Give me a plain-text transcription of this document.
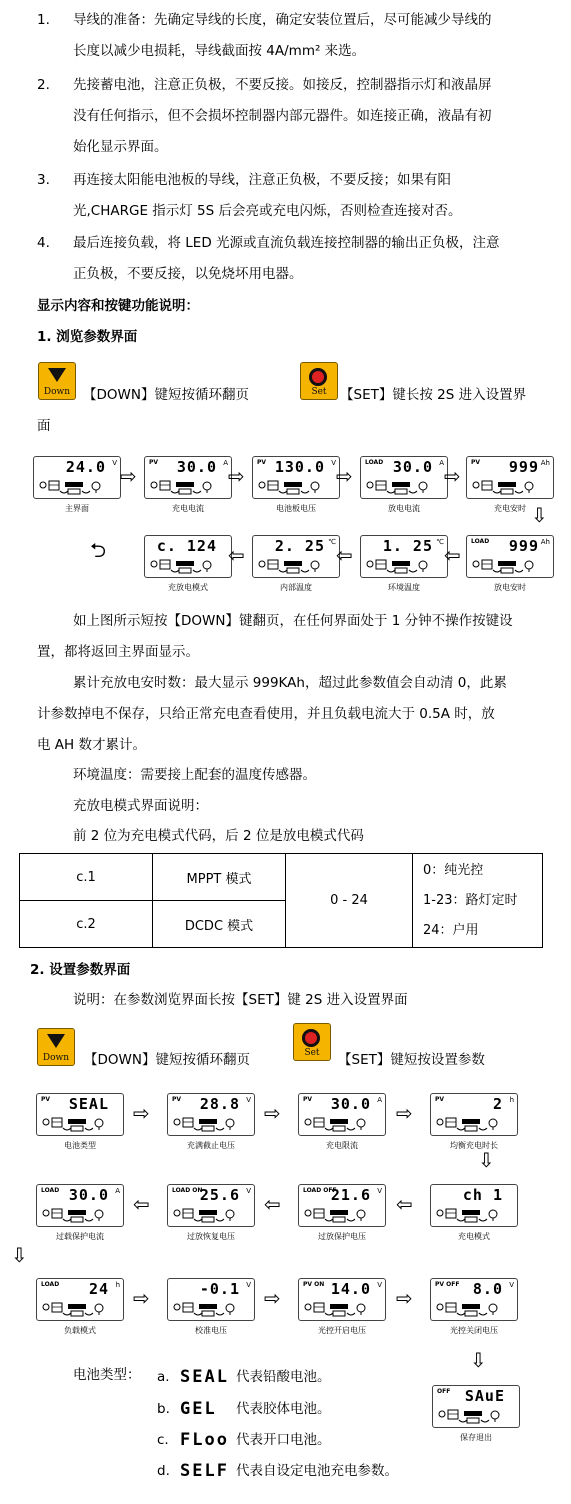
1. 导线的准备：先确定导线的长度，确定安装位置后，尽可能减少导线的
长度以减少电损耗，导线截面按 4A/mm² 来选。
2. 先接蓄电池，注意正负极，不要反接。如接反，控制器指示灯和液晶屏
没有任何指示，但不会损坏控制器内部元器件。如连接正确，液晶有初
始化显示界面。
3. 再连接太阳能电池板的导线，注意正负极，不要反接；如果有阳
光,CHARGE 指示灯 5S 后会亮或充电闪烁，否则检查连接对否。
4. 最后连接负载，将 LED 光源或直流负载连接控制器的输出正负极，注意
正负极，不要反接，以免烧坏用电器。
显示内容和按键功能说明：
1. 浏览参数界面
Down 【DOWN】键短按循环翻页	Set 【SET】键长按 2S 进入设置界
面
24.0 V
主界面
PV 30.0 A
充电电流
PV 130.0 V
电池板电压
LOAD 30.0 A
放电电流
PV 999 Ah
充电安时
⇨	⇨	⇨	⇨
⇩
LOAD 999 Ah
放电安时
1. 25 ℃
环境温度
2. 25 ℃
内部温度
c. 124
充放电模式
⇦
⇦
⇦
⮌
如上图所示短按【DOWN】键翻页，在任何界面处于 1 分钟不操作按键设
置，都将返回主界面显示。
累计充放电安时数：最大显示 999KAh，超过此参数值会自动清 0，此累
计参数掉电不保存，只给正常充电查看使用，并且负载电流大于 0.5A 时，放
电 AH 数才累计。
环境温度：需要接上配套的温度传感器。
充放电模式界面说明：
前 2 位为充电模式代码，后 2 位是放电模式代码
c.1	MPPT 模式	0 - 24	0：纯光控
1-23：路灯定时
24：户用

c.2	DCDC 模式		
2. 设置参数界面
说明：在参数浏览界面长按【SET】键 2S 进入设置界面
Down	【DOWN】键短按循环翻页	Set	【SET】键短按设置参数
PV SEAL
电池类型
PV 28.8 V
充满截止电压
PV 30.0 A
充电限流
PV	2 h
均衡充电时长
⇨	⇨	⇨
⇩
ch 1
充电模式
LOAD OFF
21.6 V
过放保护电压
LOAD ON
25.6 V
过放恢复电压
LOAD 30.0 A
过载保护电流
⇦
⇦
⇦
⇩
LOAD 24 h
负载模式
-0.1 V
校准电压
PV ON 14.0 V
光控开启电压
PV OFF 8.0 V
光控关闭电压
⇨	⇨	⇨
⇩
OFF SAuE
保存退出
电池类型： a. SEAL 代表铅酸电池。
b. GEL 代表胶体电池。
c. FLoo 代表开口电池。
d. SELF 代表自设定电池充电参数。
